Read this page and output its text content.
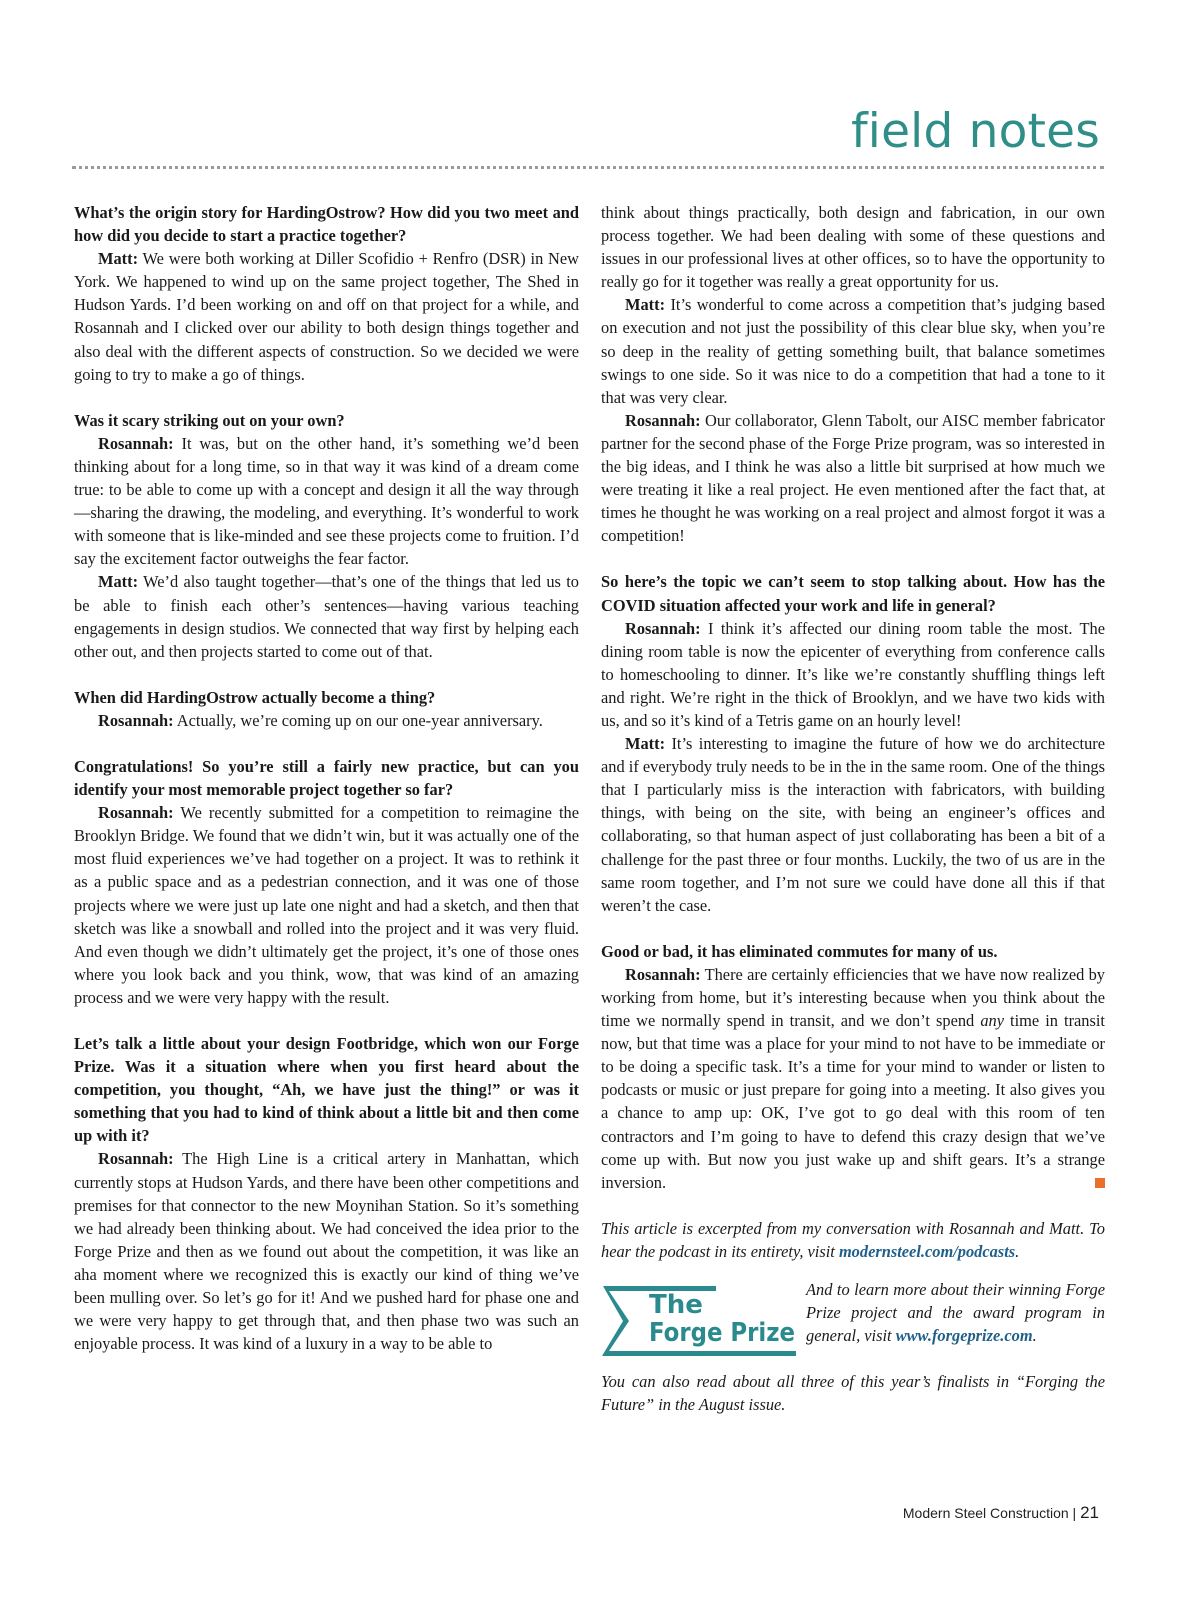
field notes

What’s the origin story for HardingOstrow? How did you two meet and how did you decide to start a practice together?

Matt: We were both working at Diller Scofidio + Renfro (DSR) in New York. We happened to wind up on the same project together, The Shed in Hudson Yards. I’d been working on and off on that project for a while, and Rosannah and I clicked over our ability to both design things together and also deal with the different aspects of construction. So we decided we were going to try to make a go of things.

Was it scary striking out on your own?

Rosannah: It was, but on the other hand, it’s something we’d been thinking about for a long time, so in that way it was kind of a dream come true: to be able to come up with a concept and design it all the way through—sharing the drawing, the modeling, and everything. It’s wonderful to work with someone that is like-minded and see these projects come to fruition. I’d say the excitement factor outweighs the fear factor.

Matt: We’d also taught together—that’s one of the things that led us to be able to finish each other’s sentences—having various teaching engagements in design studios. We connected that way first by helping each other out, and then projects started to come out of that.

When did HardingOstrow actually become a thing?

Rosannah: Actually, we’re coming up on our one-year anniversary.

Congratulations! So you’re still a fairly new practice, but can you identify your most memorable project together so far?

Rosannah: We recently submitted for a competition to reimagine the Brooklyn Bridge. We found that we didn’t win, but it was actually one of the most fluid experiences we’ve had together on a project. It was to rethink it as a public space and as a pedestrian connection, and it was one of those projects where we were just up late one night and had a sketch, and then that sketch was like a snowball and rolled into the project and it was very fluid. And even though we didn’t ultimately get the project, it’s one of those ones where you look back and you think, wow, that was kind of an amazing process and we were very happy with the result.

Let’s talk a little about your design Footbridge, which won our Forge Prize. Was it a situation where when you first heard about the competition, you thought, “Ah, we have just the thing!” or was it something that you had to kind of think about a little bit and then come up with it?

Rosannah: The High Line is a critical artery in Manhattan, which currently stops at Hudson Yards, and there have been other competitions and premises for that connector to the new Moynihan Station. So it’s something we had already been thinking about. We had conceived the idea prior to the Forge Prize and then as we found out about the competition, it was like an aha moment where we recognized this is exactly our kind of thing we’ve been mulling over. So let’s go for it! And we pushed hard for phase one and we were very happy to get through that, and then phase two was such an enjoyable process. It was kind of a luxury in a way to be able to

think about things practically, both design and fabrication, in our own process together. We had been dealing with some of these questions and issues in our professional lives at other offices, so to have the opportunity to really go for it together was really a great opportunity for us.

Matt: It’s wonderful to come across a competition that’s judging based on execution and not just the possibility of this clear blue sky, when you’re so deep in the reality of getting something built, that balance sometimes swings to one side. So it was nice to do a competition that had a tone to it that was very clear.

Rosannah: Our collaborator, Glenn Tabolt, our AISC member fabricator partner for the second phase of the Forge Prize program, was so interested in the big ideas, and I think he was also a little bit surprised at how much we were treating it like a real project. He even mentioned after the fact that, at times he thought he was working on a real project and almost forgot it was a competition!

So here’s the topic we can’t seem to stop talking about. How has the COVID situation affected your work and life in general?

Rosannah: I think it’s affected our dining room table the most. The dining room table is now the epicenter of everything from conference calls to homeschooling to dinner. It’s like we’re constantly shuffling things left and right. We’re right in the thick of Brooklyn, and we have two kids with us, and so it’s kind of a Tetris game on an hourly level!

Matt: It’s interesting to imagine the future of how we do architecture and if everybody truly needs to be in the in the same room. One of the things that I particularly miss is the interaction with fabricators, with building things, with being on the site, with being an engineer’s offices and collaborating, so that human aspect of just collaborating has been a bit of a challenge for the past three or four months. Luckily, the two of us are in the same room together, and I’m not sure we could have done all this if that weren’t the case.

Good or bad, it has eliminated commutes for many of us.

Rosannah: There are certainly efficiencies that we have now realized by working from home, but it’s interesting because when you think about the time we normally spend in transit, and we don’t spend any time in transit now, but that time was a place for your mind to not have to be immediate or to be doing a specific task. It’s a time for your mind to wander or listen to podcasts or music or just prepare for going into a meeting. It also gives you a chance to amp up: OK, I’ve got to go deal with this room of ten contractors and I’m going to have to defend this crazy design that we’ve come up with. But now you just wake up and shift gears. It’s a strange inversion.

This article is excerpted from my conversation with Rosannah and Matt. To hear the podcast in its entirety, visit modernsteel.com/podcasts.

The
Forge Prize

And to learn more about their winning Forge Prize project and the award program in general, visit www.forgeprize.com.

You can also read about all three of this year’s finalists in “Forging the Future” in the August issue.

Modern Steel Construction | 21
